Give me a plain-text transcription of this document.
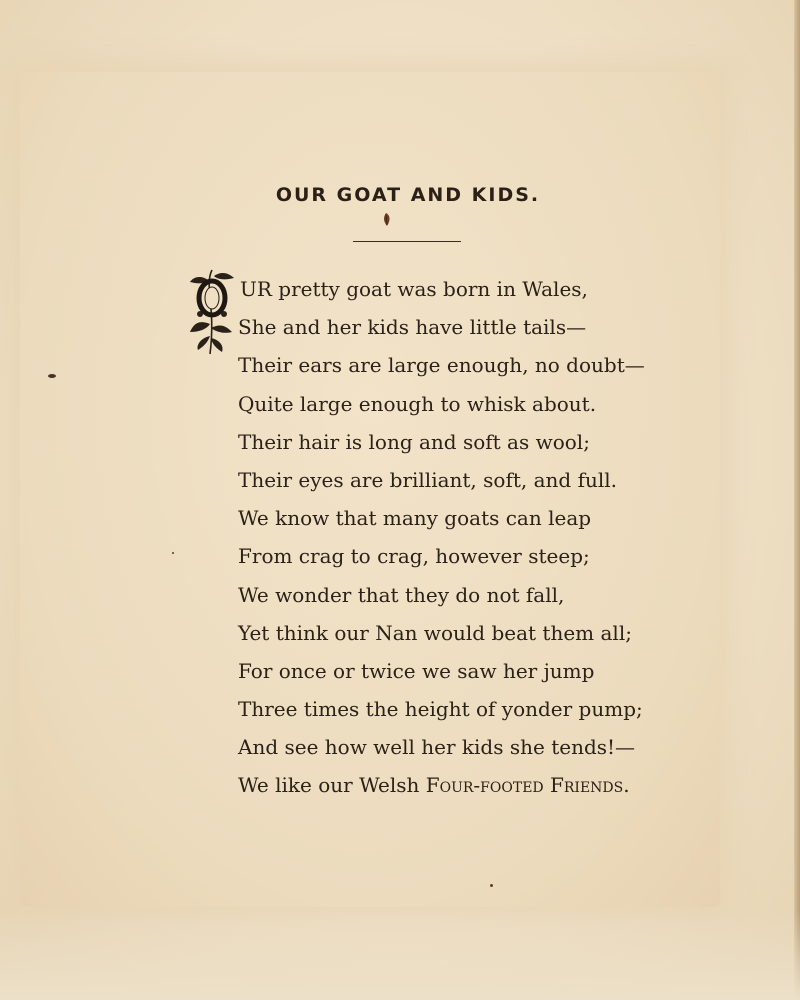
OUR GOAT AND KIDS.
UR pretty goat was born in Wales,
She and her kids have little tails—
Their ears are large enough, no doubt—
Quite large enough to whisk about.
Their hair is long and soft as wool;
Their eyes are brilliant, soft, and full.
We know that many goats can leap
From crag to crag, however steep;
We wonder that they do not fall,
Yet think our Nan would beat them all;
For once or twice we saw her jump
Three times the height of yonder pump;
And see how well her kids she tends!—
We like our Welsh Four-footed Friends.
